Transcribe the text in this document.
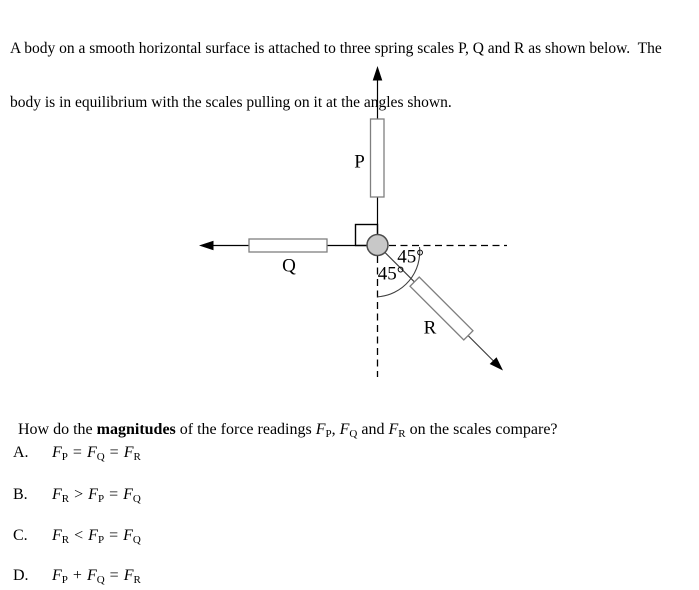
A body on a smooth horizontal surface is attached to three spring scales P, Q and R as shown below.  The

body is in equilibrium with the scales pulling on it at the angles shown.

P
Q
R
45°
45°

How do the magnitudes of the force readings $F_P$, $F_Q$ and $F_R$ on the scales compare?

A.	$F_P = F_Q = F_R$
B.	$F_R > F_P = F_Q$
C.	$F_R < F_P = F_Q$
D.	$F_P + F_Q = F_R$
